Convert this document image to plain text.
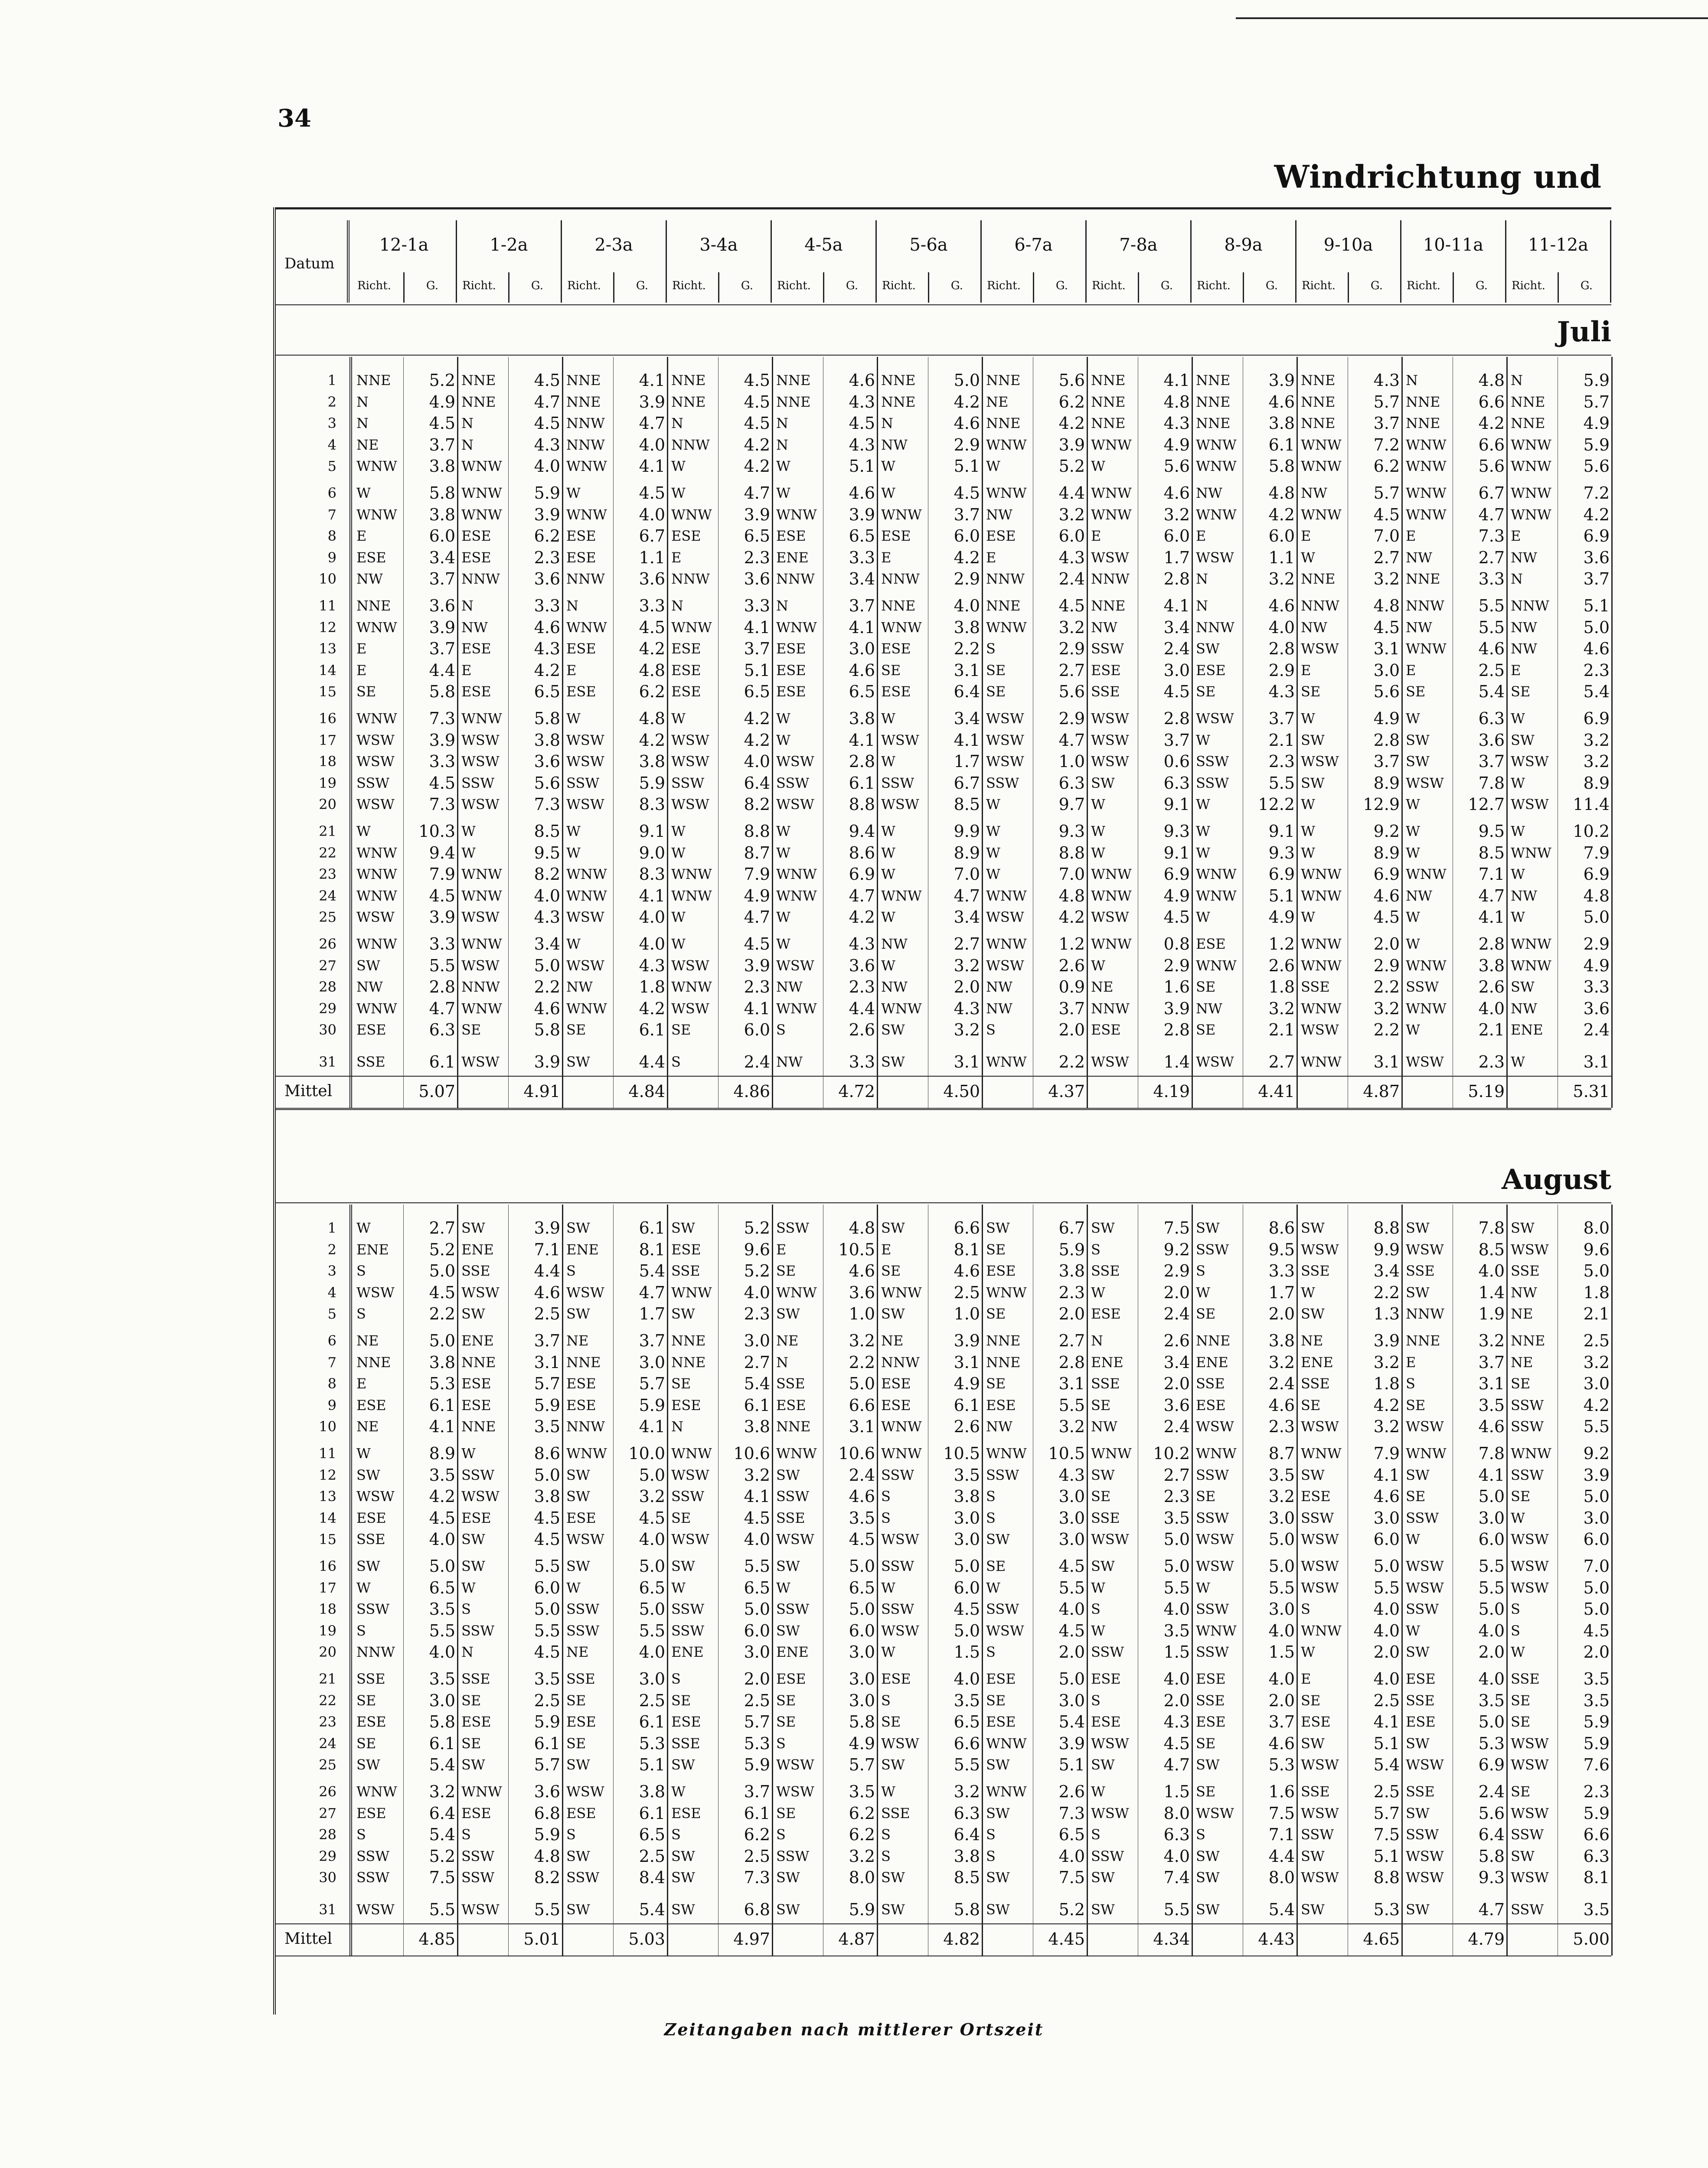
34
Windrichtung und
Datum
12-1a
Richt.	G.
1-2a
Richt.	G.
2-3a
Richt.	G.
3-4a
Richt.	G.
4-5a
Richt.	G.
5-6a
Richt.	G.
6-7a
Richt.	G.
7-8a
Richt.	G.
8-9a
Richt.	G.
9-10a
Richt.	G.
10-11a
Richt.	G.
11-12a
Richt.	G.
Juli
1 NNE	5.2 NNE	4.5 NNE	4.1 NNE	4.5 NNE	4.6 NNE	5.0 NNE	5.6 NNE	4.1 NNE	3.9 NNE	4.3 N	4.8 N	5.9
2 N	4.9 NNE	4.7 NNE	3.9 NNE	4.5 NNE	4.3 NNE	4.2 NE	6.2 NNE	4.8 NNE	4.6 NNE	5.7 NNE	6.6 NNE	5.7
3 N	4.5 N	4.5 NNW	4.7 N	4.5 N	4.5 N	4.6 NNE	4.2 NNE	4.3 NNE	3.8 NNE	3.7 NNE	4.2 NNE	4.9
4 NE	3.7 N	4.3 NNW	4.0 NNW	4.2 N	4.3 NW	2.9 WNW	3.9 WNW	4.9 WNW	6.1 WNW	7.2 WNW	6.6 WNW	5.9
5 WNW	3.8 WNW	4.0 WNW	4.1 W	4.2 W	5.1 W	5.1 W	5.2 W	5.6 WNW	5.8 WNW	6.2 WNW	5.6 WNW	5.6
6 W	5.8 WNW	5.9 W	4.5 W	4.7 W	4.6 W	4.5 WNW	4.4 WNW	4.6 NW	4.8 NW	5.7 WNW	6.7 WNW	7.2
7 WNW	3.8 WNW	3.9 WNW	4.0 WNW	3.9 WNW	3.9 WNW	3.7 NW	3.2 WNW	3.2 WNW	4.2 WNW	4.5 WNW	4.7 WNW	4.2
8 E	6.0 ESE	6.2 ESE	6.7 ESE	6.5 ESE	6.5 ESE	6.0 ESE	6.0 E	6.0 E	6.0 E	7.0 E	7.3 E	6.9
9 ESE	3.4 ESE	2.3 ESE	1.1 E	2.3 ENE	3.3 E	4.2 E	4.3 WSW	1.7 WSW	1.1 W	2.7 NW	2.7 NW	3.6
10 NW	3.7 NNW	3.6 NNW	3.6 NNW	3.6 NNW	3.4 NNW	2.9 NNW	2.4 NNW	2.8 N	3.2 NNE	3.2 NNE	3.3 N	3.7
11 NNE	3.6 N	3.3 N	3.3 N	3.3 N	3.7 NNE	4.0 NNE	4.5 NNE	4.1 N	4.6 NNW	4.8 NNW	5.5 NNW	5.1
12 WNW	3.9 NW	4.6 WNW	4.5 WNW	4.1 WNW	4.1 WNW	3.8 WNW	3.2 NW	3.4 NNW	4.0 NW	4.5 NW	5.5 NW	5.0
13 E	3.7 ESE	4.3 ESE	4.2 ESE	3.7 ESE	3.0 ESE	2.2 S	2.9 SSW	2.4 SW	2.8 WSW	3.1 WNW	4.6 NW	4.6
14 E	4.4 E	4.2 E	4.8 ESE	5.1 ESE	4.6 SE	3.1 SE	2.7 ESE	3.0 ESE	2.9 E	3.0 E	2.5 E	2.3
15 SE	5.8 ESE	6.5 ESE	6.2 ESE	6.5 ESE	6.5 ESE	6.4 SE	5.6 SSE	4.5 SE	4.3 SE	5.6 SE	5.4 SE	5.4
16 WNW	7.3 WNW	5.8 W	4.8 W	4.2 W	3.8 W	3.4 WSW	2.9 WSW	2.8 WSW	3.7 W	4.9 W	6.3 W	6.9
17 WSW	3.9 WSW	3.8 WSW	4.2 WSW	4.2 W	4.1 WSW	4.1 WSW	4.7 WSW	3.7 W	2.1 SW	2.8 SW	3.6 SW	3.2
18 WSW	3.3 WSW	3.6 WSW	3.8 WSW	4.0 WSW	2.8 W	1.7 WSW	1.0 WSW	0.6 SSW	2.3 WSW	3.7 SW	3.7 WSW	3.2
19 SSW	4.5 SSW	5.6 SSW	5.9 SSW	6.4 SSW	6.1 SSW	6.7 SSW	6.3 SW	6.3 SSW	5.5 SW	8.9 WSW	7.8 W	8.9
20 WSW	7.3 WSW	7.3 WSW	8.3 WSW	8.2 WSW	8.8 WSW	8.5 W	9.7 W	9.1 W	12.2 W	12.9 W	12.7 WSW	11.4
21 W	10.3 W	8.5 W	9.1 W	8.8 W	9.4 W	9.9 W	9.3 W	9.3 W	9.1 W	9.2 W	9.5 W	10.2
22 WNW	9.4 W	9.5 W	9.0 W	8.7 W	8.6 W	8.9 W	8.8 W	9.1 W	9.3 W	8.9 W	8.5 WNW	7.9
23 WNW	7.9 WNW	8.2 WNW	8.3 WNW	7.9 WNW	6.9 W	7.0 W	7.0 WNW	6.9 WNW	6.9 WNW	6.9 WNW	7.1 W	6.9
24 WNW	4.5 WNW	4.0 WNW	4.1 WNW	4.9 WNW	4.7 WNW	4.7 WNW	4.8 WNW	4.9 WNW	5.1 WNW	4.6 NW	4.7 NW	4.8
25 WSW	3.9 WSW	4.3 WSW	4.0 W	4.7 W	4.2 W	3.4 WSW	4.2 WSW	4.5 W	4.9 W	4.5 W	4.1 W	5.0
26 WNW	3.3 WNW	3.4 W	4.0 W	4.5 W	4.3 NW	2.7 WNW	1.2 WNW	0.8 ESE	1.2 WNW	2.0 W	2.8 WNW	2.9
27 SW	5.5 WSW	5.0 WSW	4.3 WSW	3.9 WSW	3.6 W	3.2 WSW	2.6 W	2.9 WNW	2.6 WNW	2.9 WNW	3.8 WNW	4.9
28 NW	2.8 NNW	2.2 NW	1.8 WNW	2.3 NW	2.3 NW	2.0 NW	0.9 NE	1.6 SE	1.8 SSE	2.2 SSW	2.6 SW	3.3
29 WNW	4.7 WNW	4.6 WNW	4.2 WSW	4.1 WNW	4.4 WNW	4.3 NW	3.7 NNW	3.9 NW	3.2 WNW	3.2 WNW	4.0 NW	3.6
30 ESE	6.3 SE	5.8 SE	6.1 SE	6.0 S	2.6 SW	3.2 S	2.0 ESE	2.8 SE	2.1 WSW	2.2 W	2.1 ENE	2.4
31 SSE	6.1 WSW	3.9 SW	4.4 S	2.4 NW	3.3 SW	3.1 WNW	2.2 WSW	1.4 WSW	2.7 WNW	3.1 WSW	2.3 W	3.1
Mittel	5.07	4.91	4.84	4.86	4.72	4.50	4.37	4.19	4.41	4.87	5.19	5.31
August
1 W	2.7 SW	3.9 SW	6.1 SW	5.2 SSW	4.8 SW	6.6 SW	6.7 SW	7.5 SW	8.6 SW	8.8 SW	7.8 SW	8.0
2 ENE	5.2 ENE	7.1 ENE	8.1 ESE	9.6 E	10.5 E	8.1 SE	5.9 S	9.2 SSW	9.5 WSW	9.9 WSW	8.5 WSW	9.6
3 S	5.0 SSE	4.4 S	5.4 SSE	5.2 SE	4.6 SE	4.6 ESE	3.8 SSE	2.9 S	3.3 SSE	3.4 SSE	4.0 SSE	5.0
4 WSW	4.5 WSW	4.6 WSW	4.7 WNW	4.0 WNW	3.6 WNW	2.5 WNW	2.3 W	2.0 W	1.7 W	2.2 SW	1.4 NW	1.8
5 S	2.2 SW	2.5 SW	1.7 SW	2.3 SW	1.0 SW	1.0 SE	2.0 ESE	2.4 SE	2.0 SW	1.3 NNW	1.9 NE	2.1
6 NE	5.0 ENE	3.7 NE	3.7 NNE	3.0 NE	3.2 NE	3.9 NNE	2.7 N	2.6 NNE	3.8 NE	3.9 NNE	3.2 NNE	2.5
7 NNE	3.8 NNE	3.1 NNE	3.0 NNE	2.7 N	2.2 NNW	3.1 NNE	2.8 ENE	3.4 ENE	3.2 ENE	3.2 E	3.7 NE	3.2
8 E	5.3 ESE	5.7 ESE	5.7 SE	5.4 SSE	5.0 ESE	4.9 SE	3.1 SSE	2.0 SSE	2.4 SSE	1.8 S	3.1 SE	3.0
9 ESE	6.1 ESE	5.9 ESE	5.9 ESE	6.1 ESE	6.6 ESE	6.1 ESE	5.5 SE	3.6 ESE	4.6 SE	4.2 SE	3.5 SSW	4.2
10 NE	4.1 NNE	3.5 NNW	4.1 N	3.8 NNE	3.1 WNW	2.6 NW	3.2 NW	2.4 WSW	2.3 WSW	3.2 WSW	4.6 SSW	5.5
11 W	8.9 W	8.6 WNW	10.0 WNW	10.6 WNW	10.6 WNW	10.5 WNW	10.5 WNW	10.2 WNW	8.7 WNW	7.9 WNW	7.8 WNW	9.2
12 SW	3.5 SSW	5.0 SW	5.0 WSW	3.2 SW	2.4 SSW	3.5 SSW	4.3 SW	2.7 SSW	3.5 SW	4.1 SW	4.1 SSW	3.9
13 WSW	4.2 WSW	3.8 SW	3.2 SSW	4.1 SSW	4.6 S	3.8 S	3.0 SE	2.3 SE	3.2 ESE	4.6 SE	5.0 SE	5.0
14 ESE	4.5 ESE	4.5 ESE	4.5 SE	4.5 SSE	3.5 S	3.0 S	3.0 SSE	3.5 SSW	3.0 SSW	3.0 SSW	3.0 W	3.0
15 SSE	4.0 SW	4.5 WSW	4.0 WSW	4.0 WSW	4.5 WSW	3.0 SW	3.0 WSW	5.0 WSW	5.0 WSW	6.0 W	6.0 WSW	6.0
16 SW	5.0 SW	5.5 SW	5.0 SW	5.5 SW	5.0 SSW	5.0 SE	4.5 SW	5.0 WSW	5.0 WSW	5.0 WSW	5.5 WSW	7.0
17 W	6.5 W	6.0 W	6.5 W	6.5 W	6.5 W	6.0 W	5.5 W	5.5 W	5.5 WSW	5.5 WSW	5.5 WSW	5.0
18 SSW	3.5 S	5.0 SSW	5.0 SSW	5.0 SSW	5.0 SSW	4.5 SSW	4.0 S	4.0 SSW	3.0 S	4.0 SSW	5.0 S	5.0
19 S	5.5 SSW	5.5 SSW	5.5 SSW	6.0 SW	6.0 WSW	5.0 WSW	4.5 W	3.5 WNW	4.0 WNW	4.0 W	4.0 S	4.5
20 NNW	4.0 N	4.5 NE	4.0 ENE	3.0 ENE	3.0 W	1.5 S	2.0 SSW	1.5 SSW	1.5 W	2.0 SW	2.0 W	2.0
21 SSE	3.5 SSE	3.5 SSE	3.0 S	2.0 ESE	3.0 ESE	4.0 ESE	5.0 ESE	4.0 ESE	4.0 E	4.0 ESE	4.0 SSE	3.5
22 SE	3.0 SE	2.5 SE	2.5 SE	2.5 SE	3.0 S	3.5 SE	3.0 S	2.0 SSE	2.0 SE	2.5 SSE	3.5 SE	3.5
23 ESE	5.8 ESE	5.9 ESE	6.1 ESE	5.7 SE	5.8 SE	6.5 ESE	5.4 ESE	4.3 ESE	3.7 ESE	4.1 ESE	5.0 SE	5.9
24 SE	6.1 SE	6.1 SE	5.3 SSE	5.3 S	4.9 WSW	6.6 WNW	3.9 WSW	4.5 SE	4.6 SW	5.1 SW	5.3 WSW	5.9
25 SW	5.4 SW	5.7 SW	5.1 SW	5.9 WSW	5.7 SW	5.5 SW	5.1 SW	4.7 SW	5.3 WSW	5.4 WSW	6.9 WSW	7.6
26 WNW	3.2 WNW	3.6 WSW	3.8 W	3.7 WSW	3.5 W	3.2 WNW	2.6 W	1.5 SE	1.6 SSE	2.5 SSE	2.4 SE	2.3
27 ESE	6.4 ESE	6.8 ESE	6.1 ESE	6.1 SE	6.2 SSE	6.3 SW	7.3 WSW	8.0 WSW	7.5 WSW	5.7 SW	5.6 WSW	5.9
28 S	5.4 S	5.9 S	6.5 S	6.2 S	6.2 S	6.4 S	6.5 S	6.3 S	7.1 SSW	7.5 SSW	6.4 SSW	6.6
29 SSW	5.2 SSW	4.8 SW	2.5 SW	2.5 SSW	3.2 S	3.8 S	4.0 SSW	4.0 SW	4.4 SW	5.1 WSW	5.8 SW	6.3
30 SSW	7.5 SSW	8.2 SSW	8.4 SW	7.3 SW	8.0 SW	8.5 SW	7.5 SW	7.4 SW	8.0 WSW	8.8 WSW	9.3 WSW	8.1
31 WSW	5.5 WSW	5.5 SW	5.4 SW	6.8 SW	5.9 SW	5.8 SW	5.2 SW	5.5 SW	5.4 SW	5.3 SW	4.7 SSW	3.5
Mittel	4.85	5.01	5.03	4.97	4.87	4.82	4.45	4.34	4.43	4.65	4.79	5.00
Zeitangaben nach mittlerer Ortszeit
